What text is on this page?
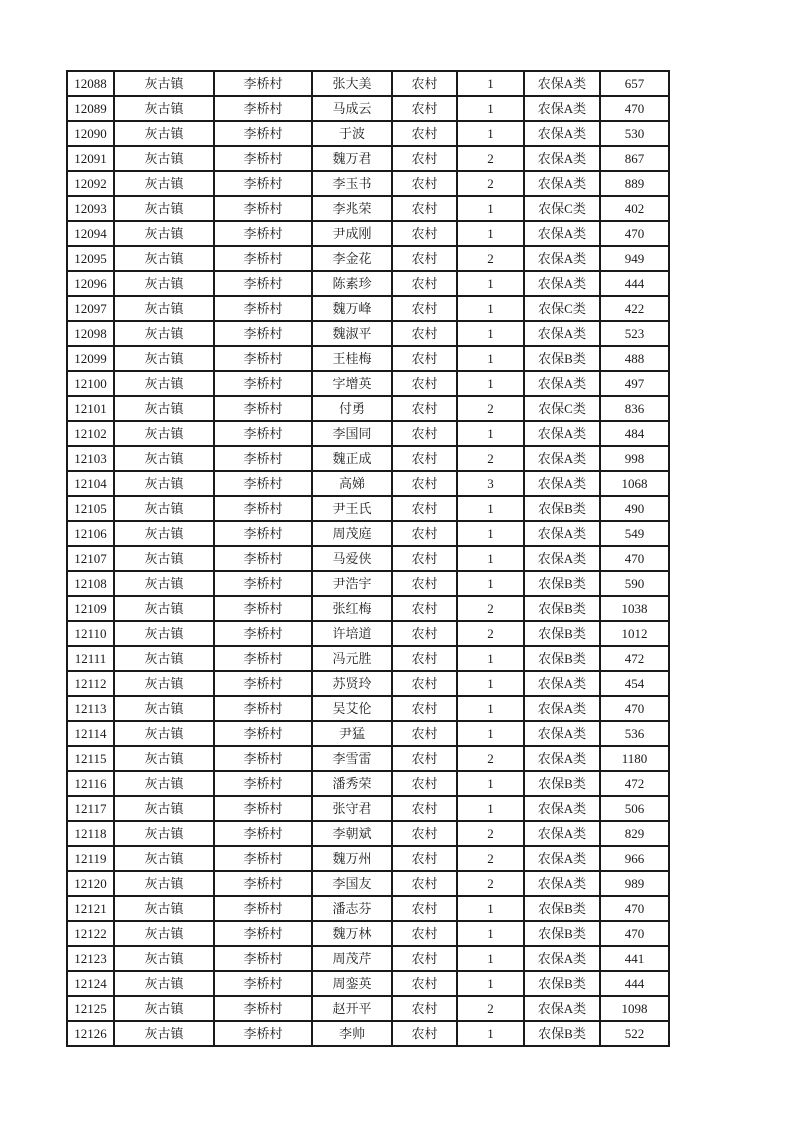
12088	灰古镇	李桥村	张大美	农村	1	农保A类	657
12089	灰古镇	李桥村	马成云	农村	1	农保A类	470
12090	灰古镇	李桥村	于波	农村	1	农保A类	530
12091	灰古镇	李桥村	魏万君	农村	2	农保A类	867
12092	灰古镇	李桥村	李玉书	农村	2	农保A类	889
12093	灰古镇	李桥村	李兆荣	农村	1	农保C类	402
12094	灰古镇	李桥村	尹成刚	农村	1	农保A类	470
12095	灰古镇	李桥村	李金花	农村	2	农保A类	949
12096	灰古镇	李桥村	陈素珍	农村	1	农保A类	444
12097	灰古镇	李桥村	魏万峰	农村	1	农保C类	422
12098	灰古镇	李桥村	魏淑平	农村	1	农保A类	523
12099	灰古镇	李桥村	王桂梅	农村	1	农保B类	488
12100	灰古镇	李桥村	字增英	农村	1	农保A类	497
12101	灰古镇	李桥村	付勇	农村	2	农保C类	836
12102	灰古镇	李桥村	李国同	农村	1	农保A类	484
12103	灰古镇	李桥村	魏正成	农村	2	农保A类	998
12104	灰古镇	李桥村	高娣	农村	3	农保A类	1068
12105	灰古镇	李桥村	尹王氏	农村	1	农保B类	490
12106	灰古镇	李桥村	周茂庭	农村	1	农保A类	549
12107	灰古镇	李桥村	马爱侠	农村	1	农保A类	470
12108	灰古镇	李桥村	尹浩宇	农村	1	农保B类	590
12109	灰古镇	李桥村	张红梅	农村	2	农保B类	1038
12110	灰古镇	李桥村	许培道	农村	2	农保B类	1012
12111	灰古镇	李桥村	冯元胜	农村	1	农保B类	472
12112	灰古镇	李桥村	苏贤玲	农村	1	农保A类	454
12113	灰古镇	李桥村	吴艾伦	农村	1	农保A类	470
12114	灰古镇	李桥村	尹猛	农村	1	农保A类	536
12115	灰古镇	李桥村	李雪雷	农村	2	农保A类	1180
12116	灰古镇	李桥村	潘秀荣	农村	1	农保B类	472
12117	灰古镇	李桥村	张守君	农村	1	农保A类	506
12118	灰古镇	李桥村	李朝斌	农村	2	农保A类	829
12119	灰古镇	李桥村	魏万州	农村	2	农保A类	966
12120	灰古镇	李桥村	李国友	农村	2	农保A类	989
12121	灰古镇	李桥村	潘志芬	农村	1	农保B类	470
12122	灰古镇	李桥村	魏万林	农村	1	农保B类	470
12123	灰古镇	李桥村	周茂芹	农村	1	农保A类	441
12124	灰古镇	李桥村	周銮英	农村	1	农保B类	444
12125	灰古镇	李桥村	赵开平	农村	2	农保A类	1098
12126	灰古镇	李桥村	李帅	农村	1	农保B类	522
